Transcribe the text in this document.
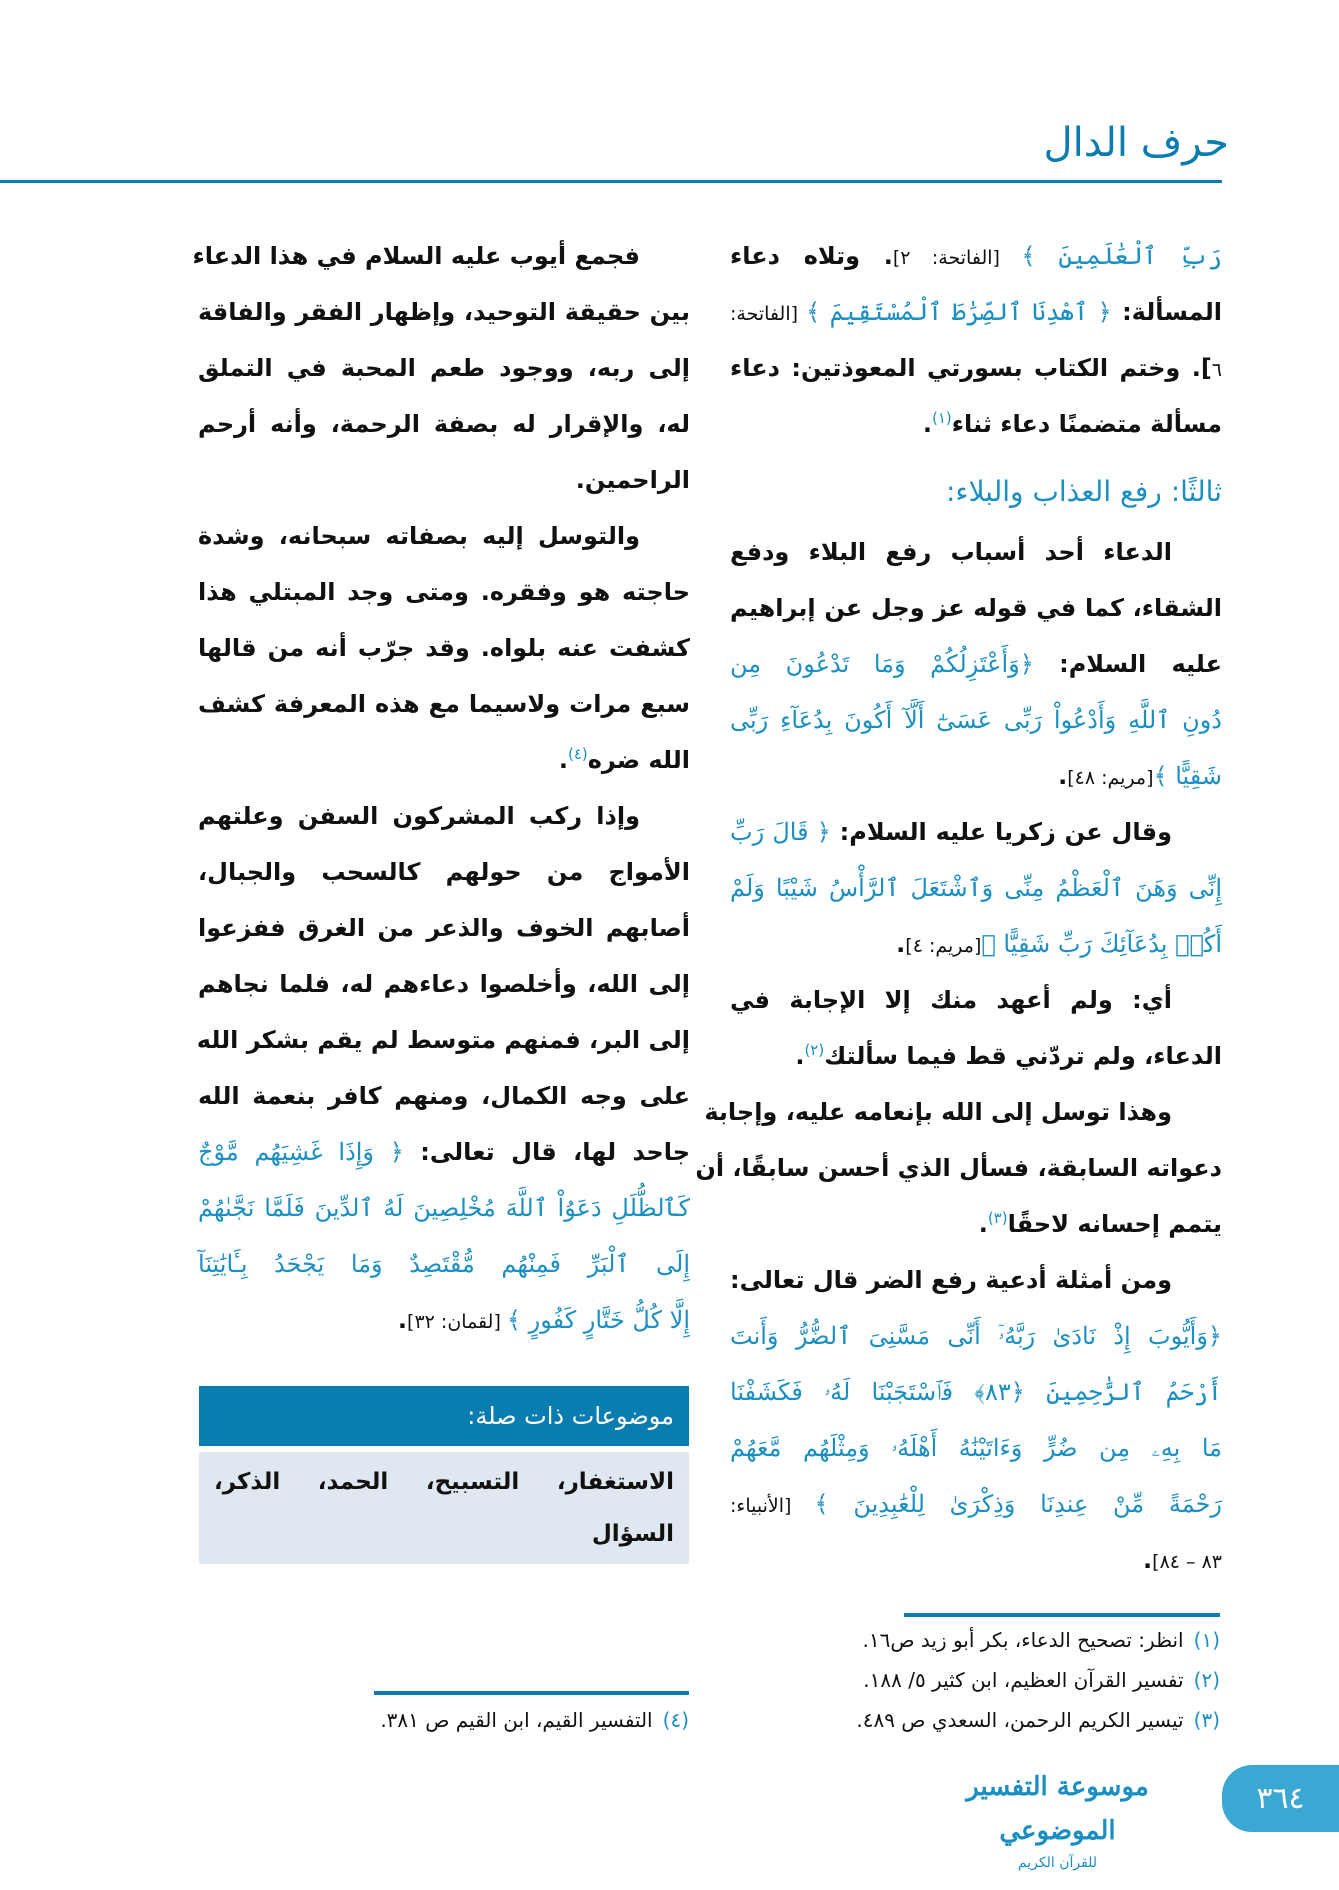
حرف الدال
رَبِّ ٱلْعَٰلَمِينَ ﴾ [الفاتحة: ٢]. وتلاه دعاء
المسألة: ﴿ ٱهْدِنَا ٱلصِّرَٰطَ ٱلْمُسْتَقِيمَ ﴾ [الفاتحة:
٦]. وختم الكتاب بسورتي المعوذتين: دعاء
مسألة متضمنًا دعاء ثناء$^{(١)}$.
ثالثًا: رفع العذاب والبلاء:
الدعاء أحد أسباب رفع البلاء ودفع
الشقاء، كما في قوله عز وجل عن إبراهيم
عليه السلام: ﴿وَأَعْتَزِلُكُمْ وَمَا تَدْعُونَ مِن
دُونِ ٱللَّهِ وَأَدْعُواْ رَبِّى عَسَىٰٓ أَلَّآ أَكُونَ بِدُعَآءِ رَبِّى
شَقِيًّا ﴾[مريم: ٤٨].
وقال عن زكريا عليه السلام: ﴿ قَالَ رَبِّ
إِنِّى وَهَنَ ٱلْعَظْمُ مِنِّى وَٱشْتَعَلَ ٱلرَّأْسُ شَيْبًا وَلَمْ
أَكُنۢ بِدُعَآئِكَ رَبِّ شَقِيًّا ﴾[مريم: ٤].
أي: ولم أعهد منك إلا الإجابة في
الدعاء، ولم تردّني قط فيما سألتك$^{(٢)}$.
وهذا توسل إلى الله بإنعامه عليه، وإجابة
دعواته السابقة، فسأل الذي أحسن سابقًا، أن
يتمم إحسانه لاحقًا$^{(٣)}$.
ومن أمثلة أدعية رفع الضر قال تعالى:
﴿وَأَيُّوبَ إِذْ نَادَىٰ رَبَّهُۥٓ أَنِّى مَسَّنِىَ ٱلضُّرُّ وَأَنتَ
أَرْحَمُ ٱلرَّٰحِمِينَ ﴿٨٣﴾ فَٱسْتَجَبْنَا لَهُۥ فَكَشَفْنَا
مَا بِهِۦ مِن ضُرٍّ وَءَاتَيْنَٰهُ أَهْلَهُۥ وَمِثْلَهُم مَّعَهُمْ
رَحْمَةً مِّنْ عِندِنَا وَذِكْرَىٰ لِلْعَٰبِدِينَ ﴾ [الأنبياء:
٨٣ – ٨٤].
فجمع أيوب عليه السلام في هذا الدعاء
بين حقيقة التوحيد، وإظهار الفقر والفاقة
إلى ربه، ووجود طعم المحبة في التملق
له، والإقرار له بصفة الرحمة، وأنه أرحم
الراحمين.
والتوسل إليه بصفاته سبحانه، وشدة
حاجته هو وفقره. ومتى وجد المبتلي هذا
كشفت عنه بلواه. وقد جرّب أنه من قالها
سبع مرات ولاسيما مع هذه المعرفة كشف
الله ضره$^{(٤)}$.
وإذا ركب المشركون السفن وعلتهم
الأمواج من حولهم كالسحب والجبال،
أصابهم الخوف والذعر من الغرق ففزعوا
إلى الله، وأخلصوا دعاءهم له، فلما نجاهم
إلى البر، فمنهم متوسط لم يقم بشكر الله
على وجه الكمال، ومنهم كافر بنعمة الله
جاحد لها، قال تعالى: ﴿ وَإِذَا غَشِيَهُم مَّوْجٌ
كَٱلظُّلَلِ دَعَوُاْ ٱللَّهَ مُخْلِصِينَ لَهُ ٱلدِّينَ فَلَمَّا نَجَّىٰهُمْ
إِلَى ٱلْبَرِّ فَمِنْهُم مُّقْتَصِدٌ وَمَا يَجْحَدُ بِـَٔايَٰتِنَآ
إِلَّا كُلُّ خَتَّارٍ كَفُورٍ ﴾ [لقمان: ٣٢].
موضوعات ذات صلة:
الاستغفار، التسبيح، الحمد، الذكر، السؤال
(١)انظر: تصحيح الدعاء، بكر أبو زيد ص١٦.
(٢)تفسير القرآن العظيم، ابن كثير ٥/ ١٨٨.
(٣)تيسير الكريم الرحمن، السعدي ص ٤٨٩.
(٤)التفسير القيم، ابن القيم ص ٣٨١.
موسوعة التفسير الموضوعي
للقرآن الكريم
٣٦٤
